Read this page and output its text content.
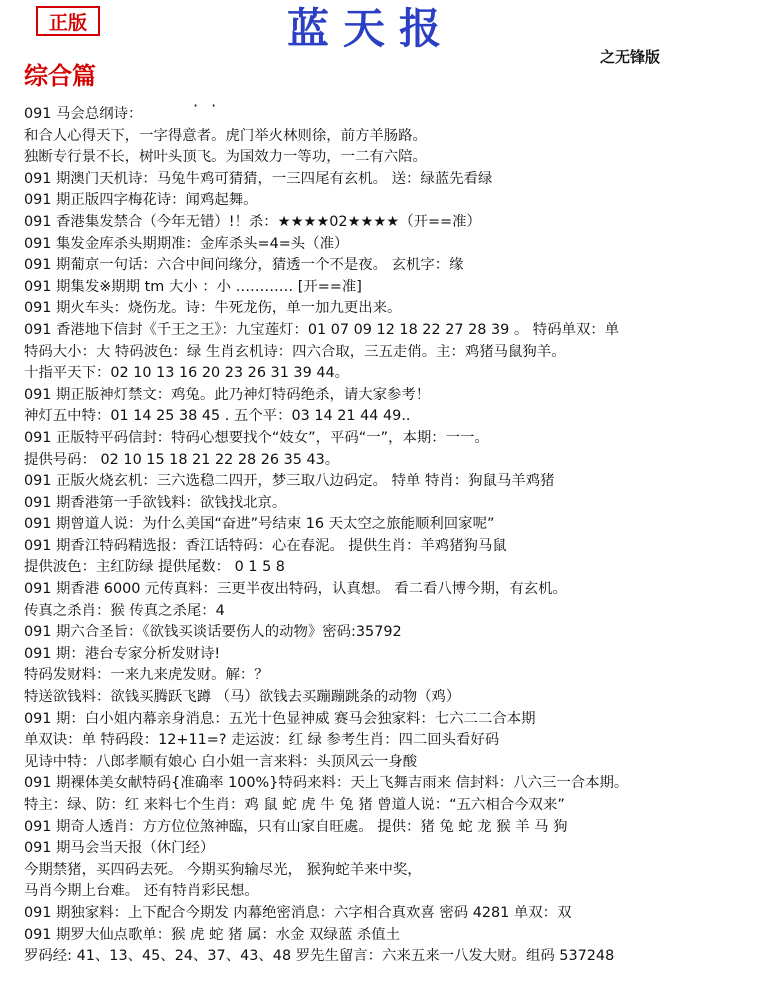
正版	蓝天报
之无锋版
综合篇
· ·
091 马会总纲诗：
和合人心得天下，一字得意者。虎门举火林则徐，前方羊肠路。
独断专行景不长，树叶头顶飞。为国效力一等功，一二有六陪。
091 期澳门天机诗：马兔牛鸡可猜猜，一三四尾有玄机。 送：绿蓝先看绿
091 期正版四字梅花诗：闻鸡起舞。
091 香港集发禁合（今年无错）!！杀：★★★★02★★★★（开==准）
091 集发金库杀头期期准：金库杀头=4=头（准）
091 期葡京一句话：六合中间问缘分，猜透一个不是夜。 玄机字：缘
091 期集发※期期 tm 大小 ：小 ………… [开==准]
091 期火车头：烧伤龙。诗：牛死龙伤，单一加九更出来。
091 香港地下信封《千王之王》：九宝莲灯：01 07 09 12 18 22 27 28 39 。 特码单双：单
特码大小：大 特码波色：绿 生肖玄机诗：四六合取，三五走俏。主：鸡猪马鼠狗羊。
十指平天下：02 10 13 16 20 23 26 31 39 44。
091 期正版神灯禁文：鸡兔。此乃神灯特码绝杀，请大家参考！
神灯五中特：01 14 25 38 45 . 五个平：03 14 21 44 49..
091 正版特平码信封：特码心想要找个“妓女”，平码“一”，本期：一一。
提供号码： 02 10 15 18 21 22 28 26 35 43。
091 正版火烧玄机：三六选稳二四开，梦三取八边码定。 特单 特肖：狗鼠马羊鸡猪
091 期香港第一手欲钱料：欲钱找北京。
091 期曾道人说：为什么美国“奋进”号结束 16 天太空之旅能顺利回家呢”
091 期香江特码精选报：香江话特码：心在春泥。 提供生肖：羊鸡猪狗马鼠
提供波色：主红防绿 提供尾数： 0 1 5 8
091 期香港 6000 元传真料：三更半夜出特码，认真想。 看二看八博今期，有玄机。
传真之杀肖：猴 传真之杀尾：4
091 期六合圣旨：《欲钱买谈话要伤人的动物》密码:35792
091 期：港台专家分析发财诗!
特码发财料：一来九来虎发财。解：？
特送欲钱料：欲钱买腾跃飞蹲 （马）欲钱去买蹦蹦跳条的动物（鸡）
091 期：白小姐内幕亲身消息：五光十色显神威 赛马会独家料：七六二二合本期
单双诀：单 特码段：12+11=? 走运波：红 绿 参考生肖：四二回头看好码
见诗中特：八郎孝顺有娘心 白小姐一言来料：头顶风云一身酸
091 期裸体美女献特码{准确率 100%}特码来料：天上飞舞吉雨来 信封料：八六三一合本期。
特主：绿、防：红 来料七个生肖：鸡 鼠 蛇 虎 牛 兔 猪 曾道人说：“五六相合今双来”
091 期奇人透肖：方方位位煞神臨，只有山家自旺處。 提供：猪 兔 蛇 龙 猴 羊 马 狗
091 期马会当天报（休门经）
今期禁猪，买四码去死。 今期买狗输尽光， 猴狗蛇羊来中奖，
马肖今期上台难。 还有特肖彩民想。
091 期独家料：上下配合今期发 内幕绝密消息：六字相合真欢喜 密码 4281 单双：双
091 期罗大仙点歌单：猴 虎 蛇 猪 属：水金 双绿蓝 杀值土
罗码经: 41、13、45、24、37、43、48 罗先生留言：六来五来一八发大财。组码 537248
